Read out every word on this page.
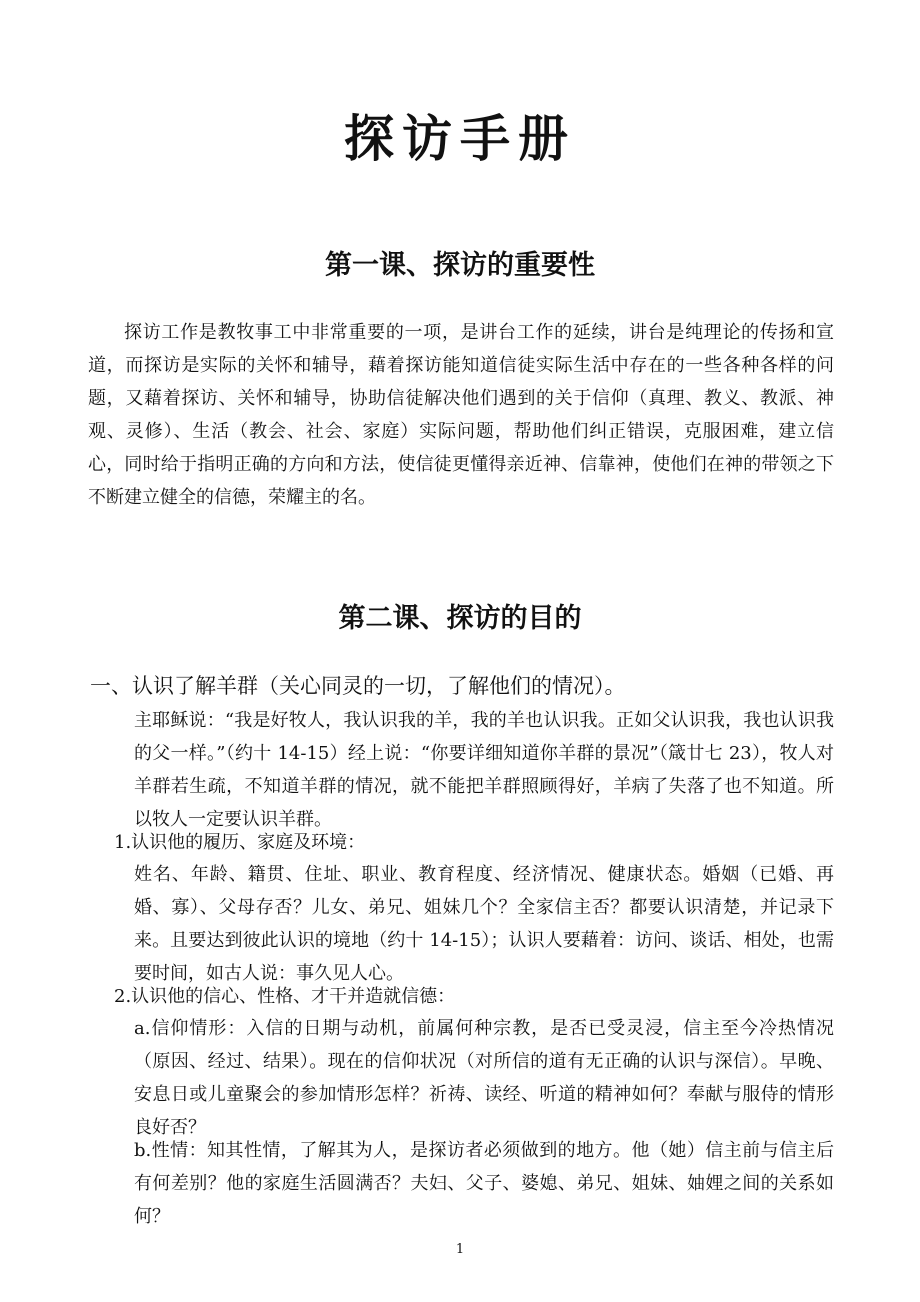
探访手册
第一课、探访的重要性

探访工作是教牧事工中非常重要的一项，是讲台工作的延续，讲台是纯理论的传扬和宣道，而探访是实际的关怀和辅导，藉着探访能知道信徒实际生活中存在的一些各种各样的问题，又藉着探访、关怀和辅导，协助信徒解决他们遇到的关于信仰（真理、教义、教派、神观、灵修）、生活（教会、社会、家庭）实际问题，帮助他们纠正错误，克服困难，建立信心，同时给于指明正确的方向和方法，使信徒更懂得亲近神、信靠神，使他们在神的带领之下不断建立健全的信德，荣耀主的名。

第二课、探访的目的

一、认识了解羊群（关心同灵的一切，了解他们的情况）。

主耶稣说：“我是好牧人，我认识我的羊，我的羊也认识我。正如父认识我，我也认识我的父一样。”（约十 14-15）经上说：“你要详细知道你羊群的景况”（箴廿七 23），牧人对羊群若生疏，不知道羊群的情况，就不能把羊群照顾得好，羊病了失落了也不知道。所以牧人一定要认识羊群。

1.认识他的履历、家庭及环境：

姓名、年龄、籍贯、住址、职业、教育程度、经济情况、健康状态。婚姻（已婚、再婚、寡）、父母存否？儿女、弟兄、姐妹几个？全家信主否？都要认识清楚，并记录下来。且要达到彼此认识的境地（约十 14-15）；认识人要藉着：访问、谈话、相处，也需要时间，如古人说：事久见人心。

2.认识他的信心、性格、才干并造就信德：

a.信仰情形：入信的日期与动机，前属何种宗教，是否已受灵浸，信主至今冷热情况（原因、经过、结果）。现在的信仰状况（对所信的道有无正确的认识与深信）。早晚、安息日或儿童聚会的参加情形怎样？祈祷、读经、听道的精神如何？奉献与服侍的情形良好否？

b.性情：知其性情，了解其为人，是探访者必须做到的地方。他（她）信主前与信主后有何差别？他的家庭生活圆满否？夫妇、父子、婆媳、弟兄、姐妹、妯娌之间的关系如何？

1
